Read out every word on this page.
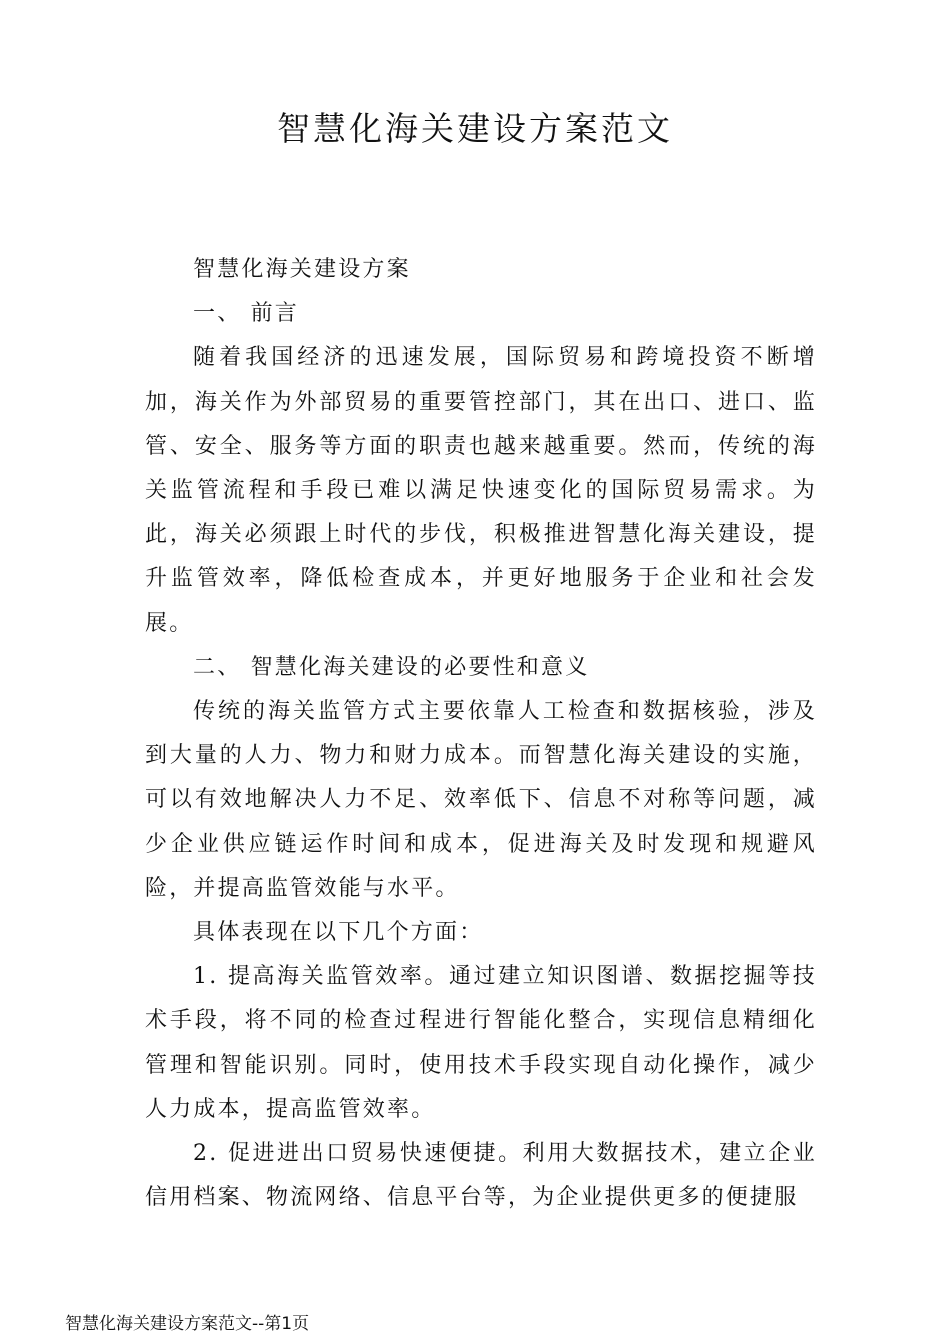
智慧化海关建设方案范文

智慧化海关建设方案

一、 前言

随着我国经济的迅速发展，国际贸易和跨境投资不断增加，海关作为外部贸易的重要管控部门，其在出口、进口、监管、安全、服务等方面的职责也越来越重要。然而，传统的海关监管流程和手段已难以满足快速变化的国际贸易需求。为此，海关必须跟上时代的步伐，积极推进智慧化海关建设，提升监管效率，降低检查成本，并更好地服务于企业和社会发展。

二、 智慧化海关建设的必要性和意义

传统的海关监管方式主要依靠人工检查和数据核验，涉及到大量的人力、物力和财力成本。而智慧化海关建设的实施，可以有效地解决人力不足、效率低下、信息不对称等问题，减少企业供应链运作时间和成本，促进海关及时发现和规避风险，并提高监管效能与水平。

具体表现在以下几个方面：

1. 提高海关监管效率。通过建立知识图谱、数据挖掘等技术手段，将不同的检查过程进行智能化整合，实现信息精细化管理和智能识别。同时，使用技术手段实现自动化操作，减少人力成本，提高监管效率。

2. 促进进出口贸易快速便捷。利用大数据技术，建立企业信用档案、物流网络、信息平台等，为企业提供更多的便捷服

智慧化海关建设方案范文--第1页
